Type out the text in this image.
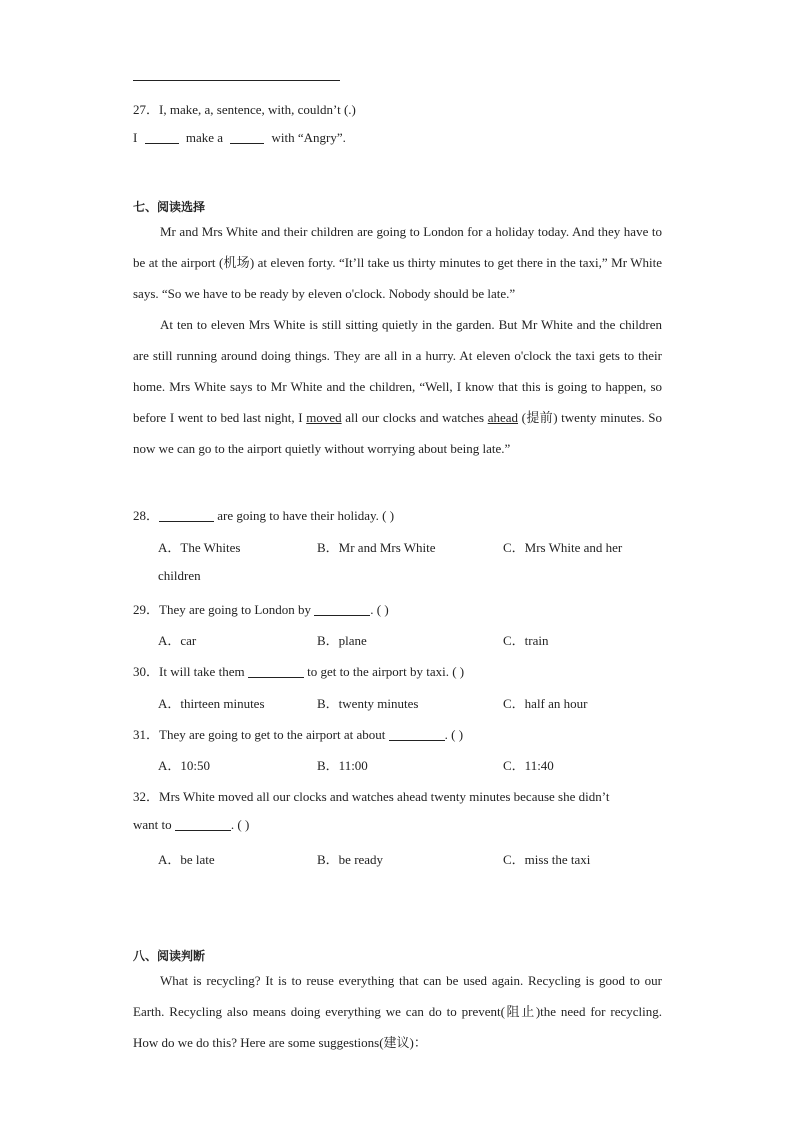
27．I, make, a, sentence, with, couldn’t (.)
I	make a	with “Angry”.
七、阅读选择

Mr and Mrs White and their children are going to London for a holiday today. And they have to be at the airport (机场) at eleven forty. “It’ll take us thirty minutes to get there in the taxi,” Mr White says. “So we have to be ready by eleven o'clock. Nobody should be late.”

At ten to eleven Mrs White is still sitting quietly in the garden. But Mr White and the children are still running around doing things. They are all in a hurry. At eleven o'clock the taxi gets to their home. Mrs White says to Mr White and the children, “Well, I know that this is going to happen, so before I went to bed last night, I moved all our clocks and watches ahead (提前) twenty minutes. So now we can go to the airport quietly without worrying about being late.”

28．	are going to have their holiday. ( )
A．The Whites	B．Mr and Mrs White	C．Mrs White and her
children
29．They are going to London by	. ( )
A．car	B．plane	C．train
30．It will take them	to get to the airport by taxi. ( )
A．thirteen minutes	B．twenty minutes	C．half an hour
31．They are going to get to the airport at about	. ( )
A．10:50	B．11:00	C．11:40
32．Mrs White moved all our clocks and watches ahead twenty minutes because she didn’t
want to	. ( )
A．be late	B．be ready	C．miss the taxi
八、阅读判断

What is recycling? It is to reuse everything that can be used again. Recycling is good to our Earth. Recycling also means doing everything we can do to prevent(阻止)the need for recycling. How do we do this? Here are some suggestions(建议)：
